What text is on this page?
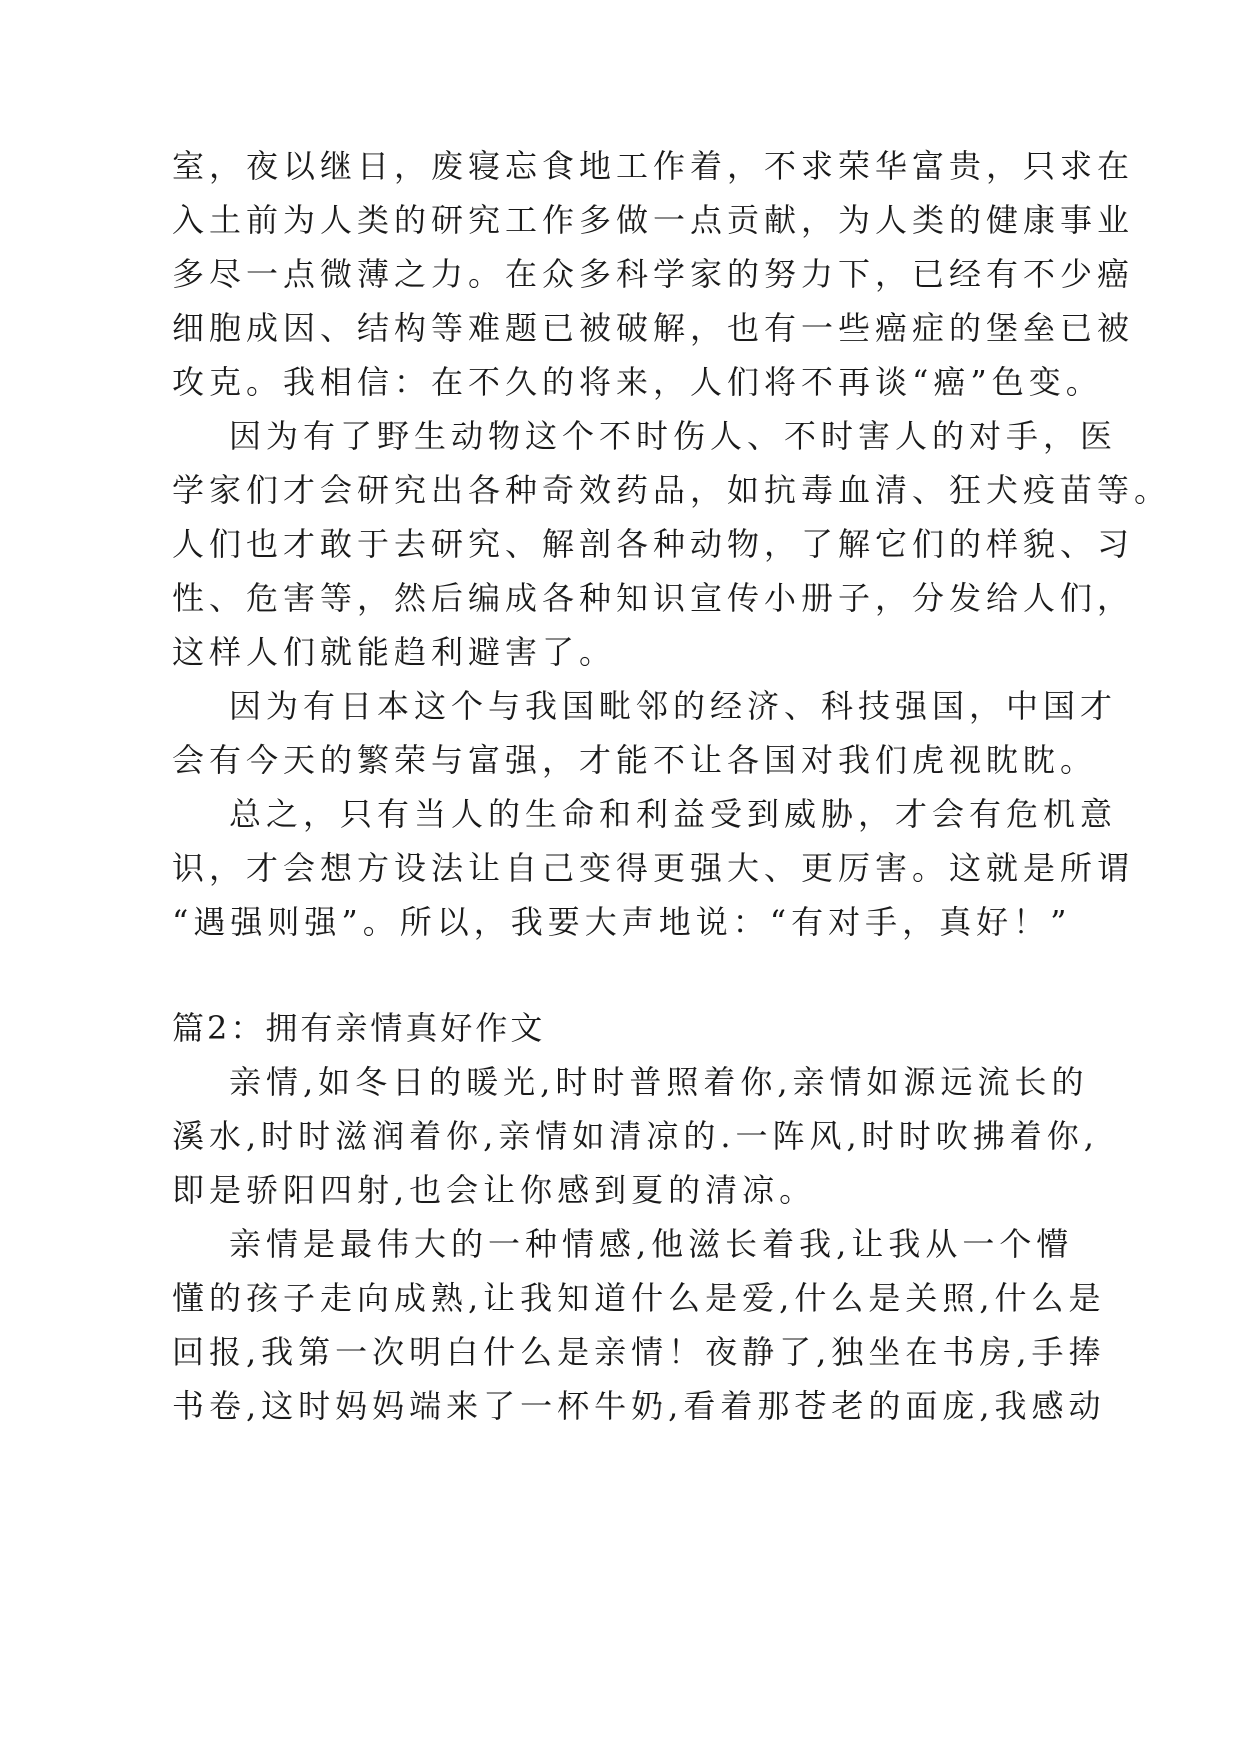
室，夜以继日，废寝忘食地工作着，不求荣华富贵，只求在

入土前为人类的研究工作多做一点贡献，为人类的健康事业

多尽一点微薄之力。在众多科学家的努力下，已经有不少癌

细胞成因、结构等难题已被破解，也有一些癌症的堡垒已被

攻克。我相信：在不久的将来，人们将不再谈“癌”色变。

因为有了野生动物这个不时伤人、不时害人的对手，医

学家们才会研究出各种奇效药品，如抗毒血清、狂犬疫苗等。

人们也才敢于去研究、解剖各种动物，了解它们的样貌、习

性、危害等，然后编成各种知识宣传小册子，分发给人们，

这样人们就能趋利避害了。

因为有日本这个与我国毗邻的经济、科技强国，中国才

会有今天的繁荣与富强，才能不让各国对我们虎视眈眈。

总之，只有当人的生命和利益受到威胁，才会有危机意

识，才会想方设法让自己变得更强大、更厉害。这就是所谓

“遇强则强”。所以，我要大声地说：“有对手，真好！”

篇2：拥有亲情真好作文

亲情,如冬日的暖光,时时普照着你,亲情如源远流长的

溪水,时时滋润着你,亲情如清凉的.一阵风,时时吹拂着你,

即是骄阳四射,也会让你感到夏的清凉。

亲情是最伟大的一种情感,他滋长着我,让我从一个懵

懂的孩子走向成熟,让我知道什么是爱,什么是关照,什么是

回报,我第一次明白什么是亲情！夜静了,独坐在书房,手捧

书卷,这时妈妈端来了一杯牛奶,看着那苍老的面庞,我感动
